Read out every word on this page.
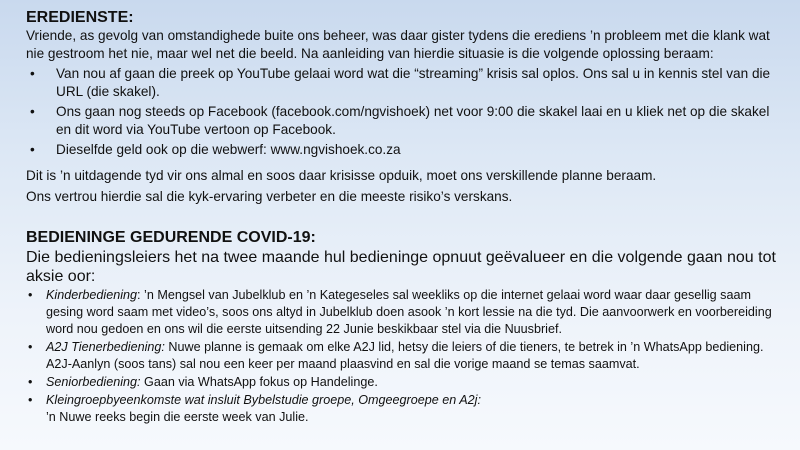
EREDIENSTE:

Vriende, as gevolg van omstandighede buite ons beheer, was daar gister tydens die erediens ’n probleem met die klank wat nie gestroom het nie, maar wel net die beeld. Na aanleiding van hierdie situasie is die volgende oplossing beraam:

• Van nou af gaan die preek op YouTube gelaai word wat die “streaming” krisis sal oplos. Ons sal u in kennis stel van die URL (die skakel).
• Ons gaan nog steeds op Facebook (facebook.com/ngvishoek) net voor 9:00 die skakel laai en u kliek net op die skakel en dit word via YouTube vertoon op Facebook.
• Dieselfde geld ook op die webwerf: www.ngvishoek.co.za

Dit is ’n uitdagende tyd vir ons almal en soos daar krisisse opduik, moet ons verskillende planne beraam.

Ons vertrou hierdie sal die kyk-ervaring verbeter en die meeste risiko’s verskans.

BEDIENINGE GEDURENDE COVID-19:

Die bedieningsleiers het na twee maande hul bedieninge opnuut geëvalueer en die volgende gaan nou tot aksie oor:

• Kinderbediening: ’n Mengsel van Jubelklub en ’n Kategeseles sal weekliks op die internet gelaai word waar daar gesellig saam gesing word saam met video’s, soos ons altyd in Jubelklub doen asook ’n kort lessie na die tyd. Die aanvoorwerk en voorbereiding word nou gedoen en ons wil die eerste uitsending 22 Junie beskikbaar stel via die Nuusbrief.
• A2J Tienerbediening: Nuwe planne is gemaak om elke A2J lid, hetsy die leiers of die tieners, te betrek in ’n WhatsApp bediening. A2J-Aanlyn (soos tans) sal nou een keer per maand plaasvind en sal die vorige maand se temas saamvat.
• Seniorbediening: Gaan via WhatsApp fokus op Handelinge.
• Kleingroepbyeenkomste wat insluit Bybelstudie groepe, Omgeegroepe en A2j:
’n Nuwe reeks begin die eerste week van Julie.
